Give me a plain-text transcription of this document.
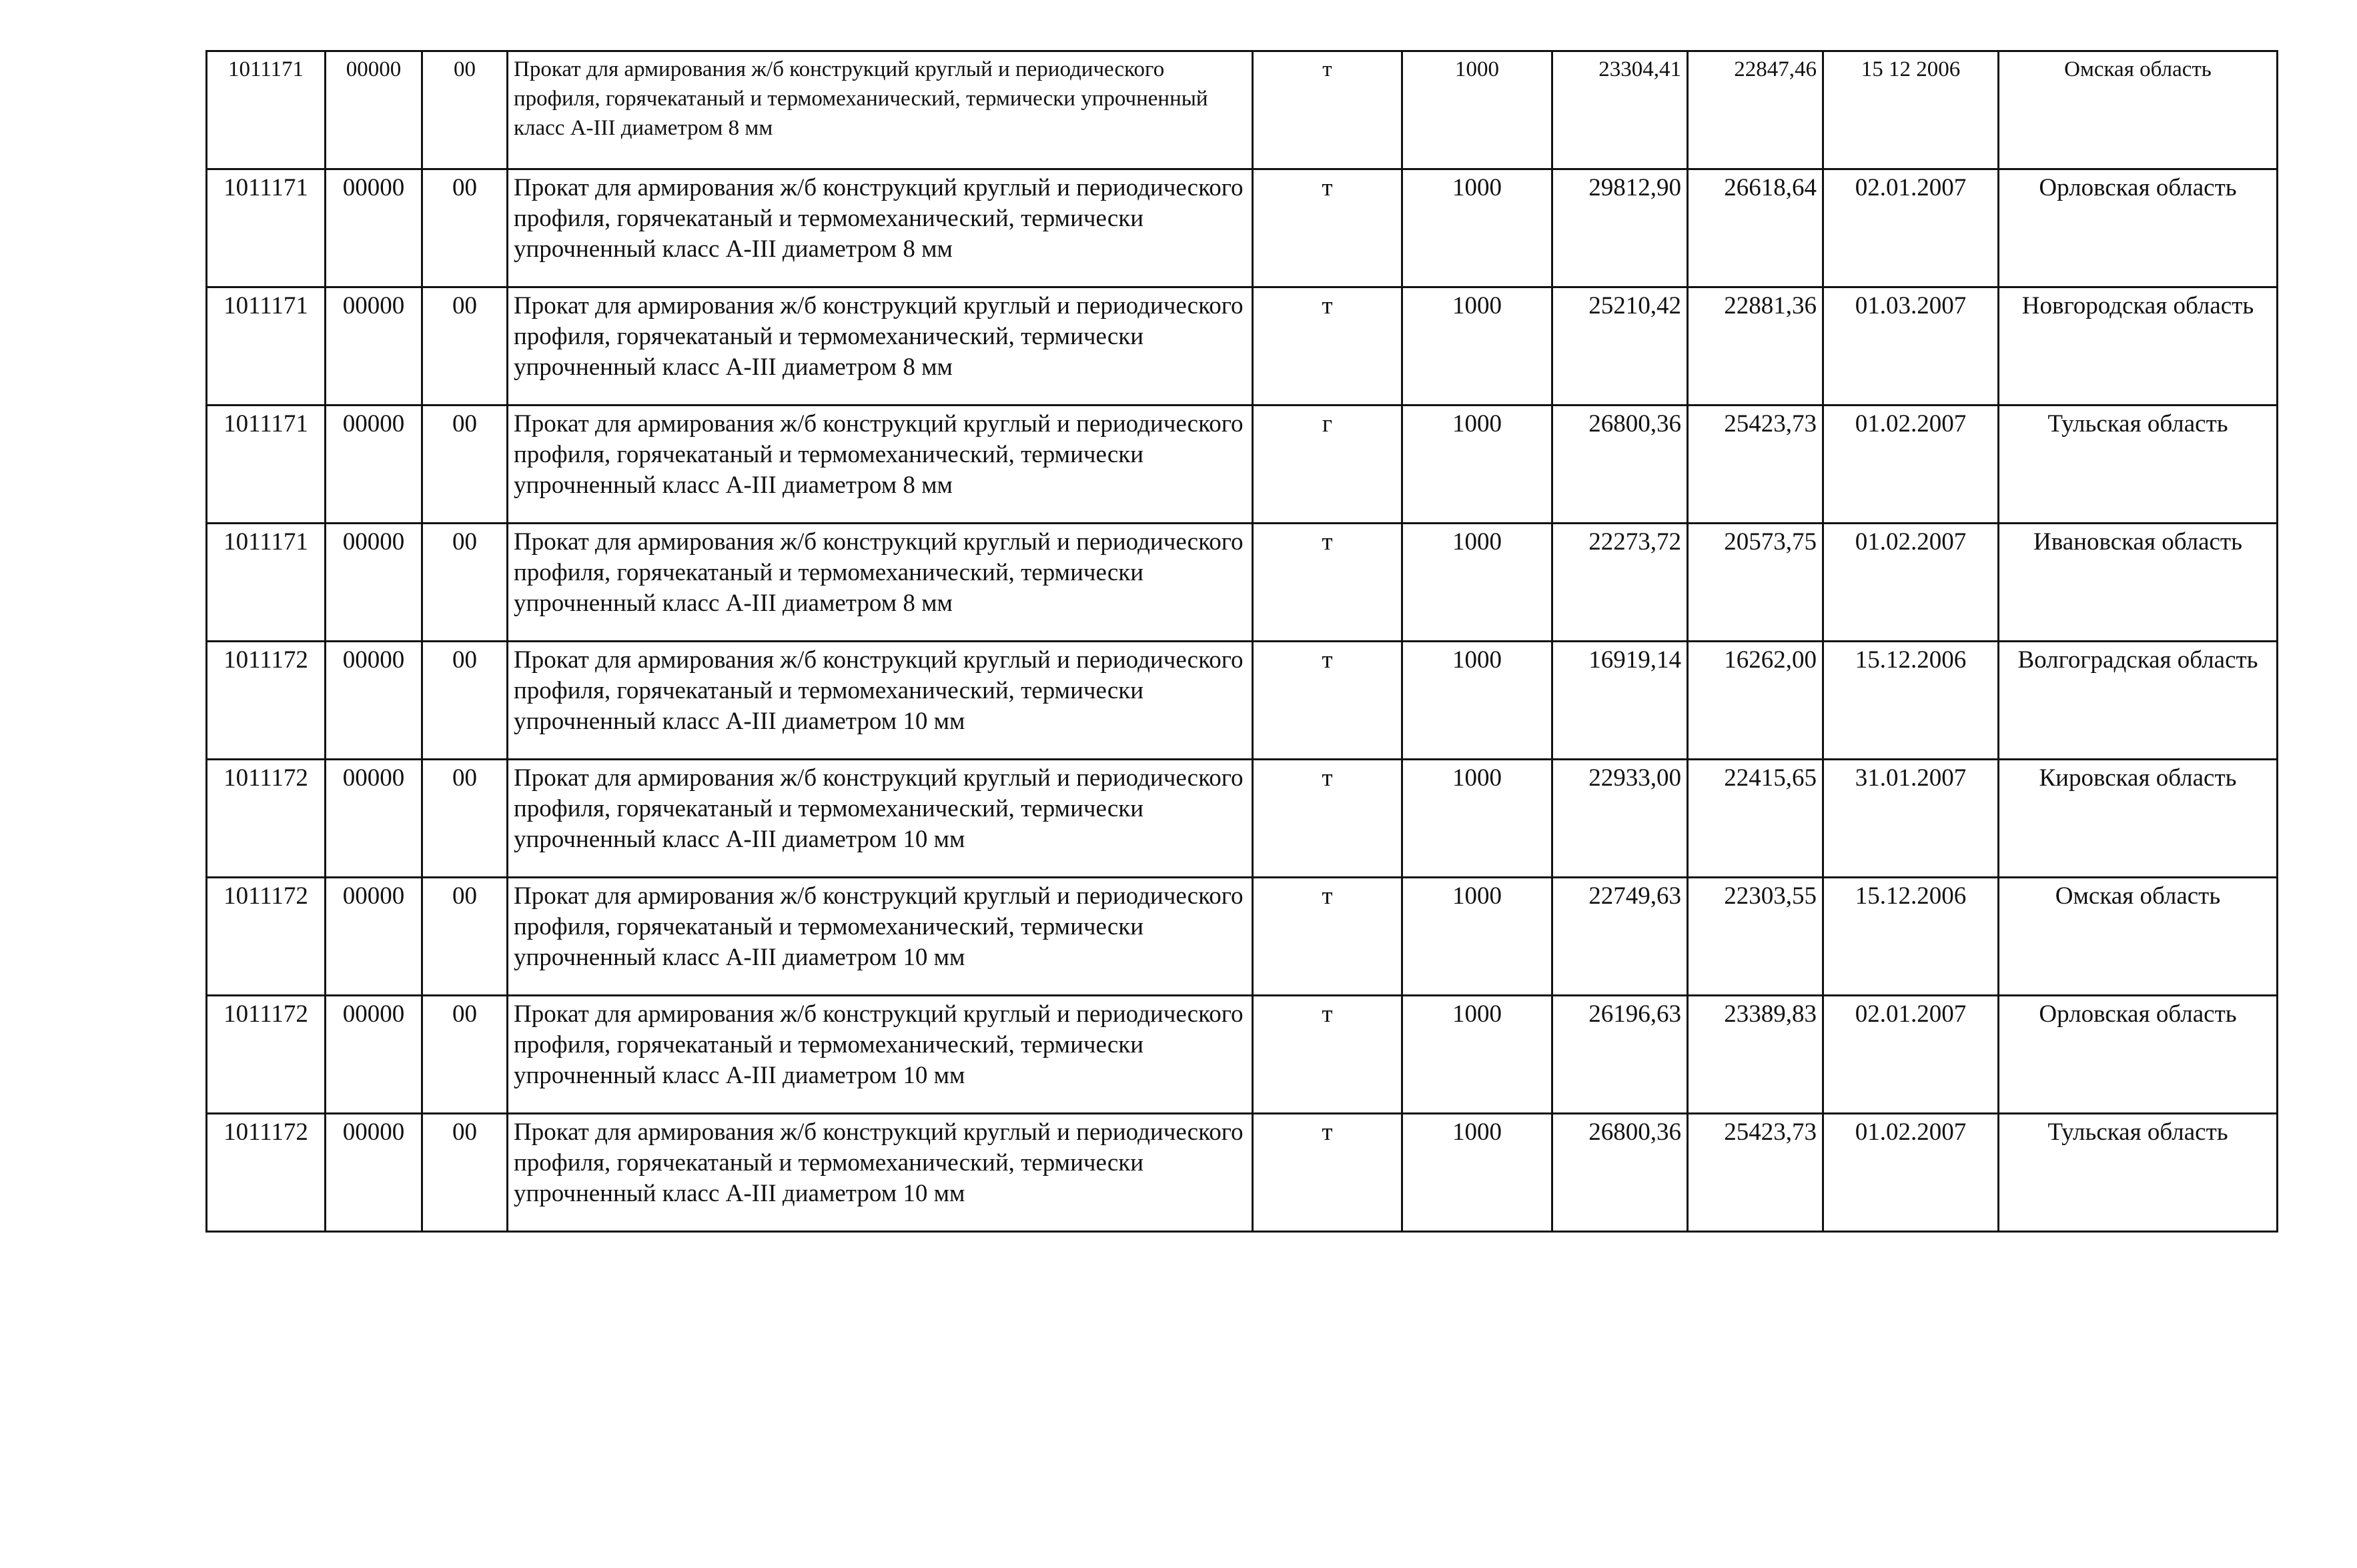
1011171	00000	00	Прокат для армирования ж/б конструкций круглый и периодического профиля, горячекатаный и термомеханический, термически упрочненный класс А-III диаметром 8 мм	т	1000	23304,41	22847,46	15 12 2006	Омская область
1011171	00000	00	Прокат для армирования ж/б конструкций круглый и периодического профиля, горячекатаный и термомеханический, термически упрочненный класс А-III диаметром 8 мм	т	1000	29812,90	26618,64	02.01.2007	Орловская область
1011171	00000	00	Прокат для армирования ж/б конструкций круглый и периодического профиля, горячекатаный и термомеханический, термически упрочненный класс А-III диаметром 8 мм	т	1000	25210,42	22881,36	01.03.2007	Новгородская область
1011171	00000	00	Прокат для армирования ж/б конструкций круглый и периодического профиля, горячекатаный и термомеханический, термически упрочненный класс А-III диаметром 8 мм	г	1000	26800,36	25423,73	01.02.2007	Тульская область
1011171	00000	00	Прокат для армирования ж/б конструкций круглый и периодического профиля, горячекатаный и термомеханический, термически упрочненный класс А-III диаметром 8 мм	т	1000	22273,72	20573,75	01.02.2007	Ивановская область
1011172	00000	00	Прокат для армирования ж/б конструкций круглый и периодического профиля, горячекатаный и термомеханический, термически упрочненный класс А-III диаметром 10 мм	т	1000	16919,14	16262,00	15.12.2006	Волгоградская область
1011172	00000	00	Прокат для армирования ж/б конструкций круглый и периодического профиля, горячекатаный и термомеханический, термически упрочненный класс А-III диаметром 10 мм	т	1000	22933,00	22415,65	31.01.2007	Кировская область
1011172	00000	00	Прокат для армирования ж/б конструкций круглый и периодического профиля, горячекатаный и термомеханический, термически упрочненный класс А-III диаметром 10 мм	т	1000	22749,63	22303,55	15.12.2006	Омская область
1011172	00000	00	Прокат для армирования ж/б конструкций круглый и периодического профиля, горячекатаный и термомеханический, термически упрочненный класс А-III диаметром 10 мм	т	1000	26196,63	23389,83	02.01.2007	Орловская область
1011172	00000	00	Прокат для армирования ж/б конструкций круглый и периодического профиля, горячекатаный и термомеханический, термически упрочненный класс А-III диаметром 10 мм	т	1000	26800,36	25423,73	01.02.2007	Тульская область
